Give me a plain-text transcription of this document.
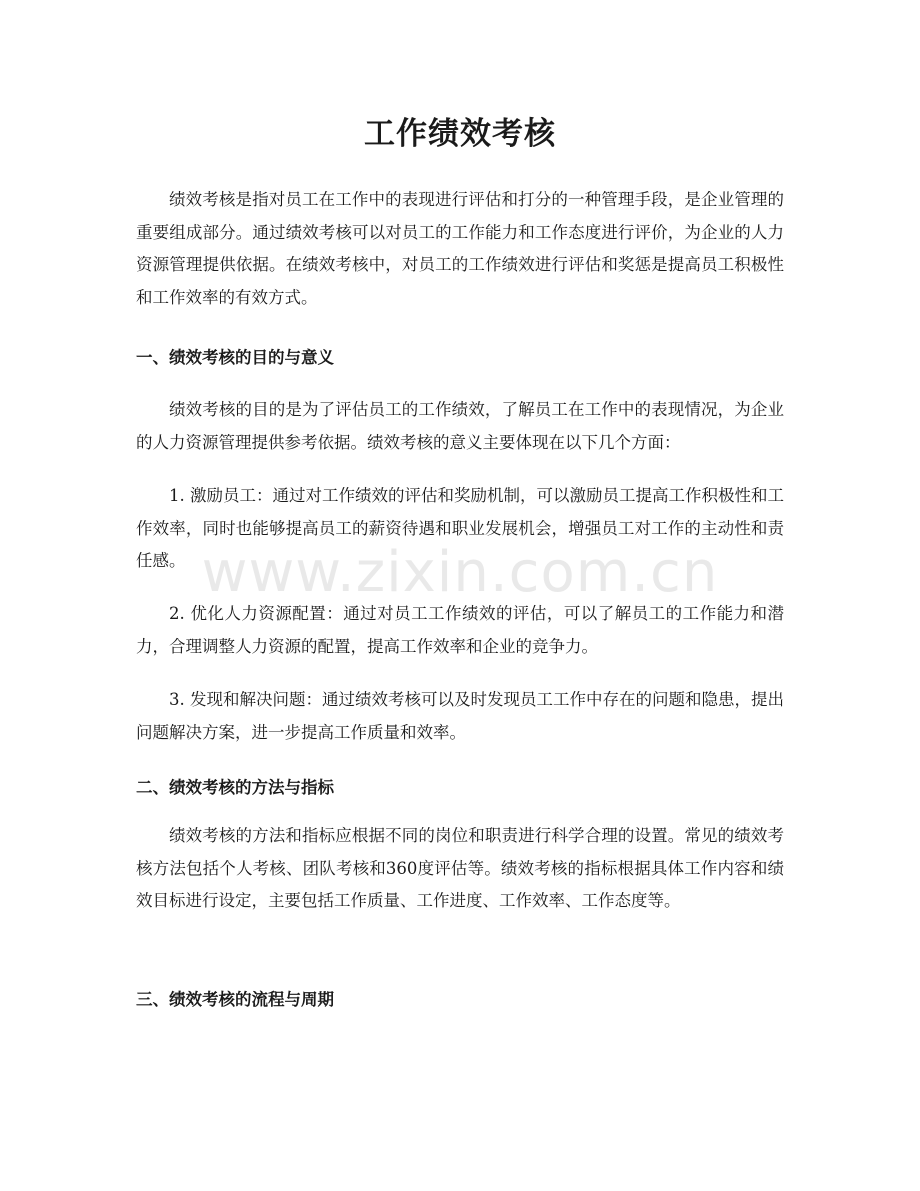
工作绩效考核

绩效考核是指对员工在工作中的表现进行评估和打分的一种管理手段，是企业管理的重要组成部分。通过绩效考核可以对员工的工作能力和工作态度进行评价，为企业的人力资源管理提供依据。在绩效考核中，对员工的工作绩效进行评估和奖惩是提高员工积极性和工作效率的有效方式。

一、绩效考核的目的与意义

绩效考核的目的是为了评估员工的工作绩效，了解员工在工作中的表现情况，为企业的人力资源管理提供参考依据。绩效考核的意义主要体现在以下几个方面：

1. 激励员工：通过对工作绩效的评估和奖励机制，可以激励员工提高工作积极性和工作效率，同时也能够提高员工的薪资待遇和职业发展机会，增强员工对工作的主动性和责任感。

2. 优化人力资源配置：通过对员工工作绩效的评估，可以了解员工的工作能力和潜力，合理调整人力资源的配置，提高工作效率和企业的竞争力。

3. 发现和解决问题：通过绩效考核可以及时发现员工工作中存在的问题和隐患，提出问题解决方案，进一步提高工作质量和效率。

二、绩效考核的方法与指标

绩效考核的方法和指标应根据不同的岗位和职责进行科学合理的设置。常见的绩效考核方法包括个人考核、团队考核和360度评估等。绩效考核的指标根据具体工作内容和绩效目标进行设定，主要包括工作质量、工作进度、工作效率、工作态度等。

三、绩效考核的流程与周期
www.zixin.com.cn
